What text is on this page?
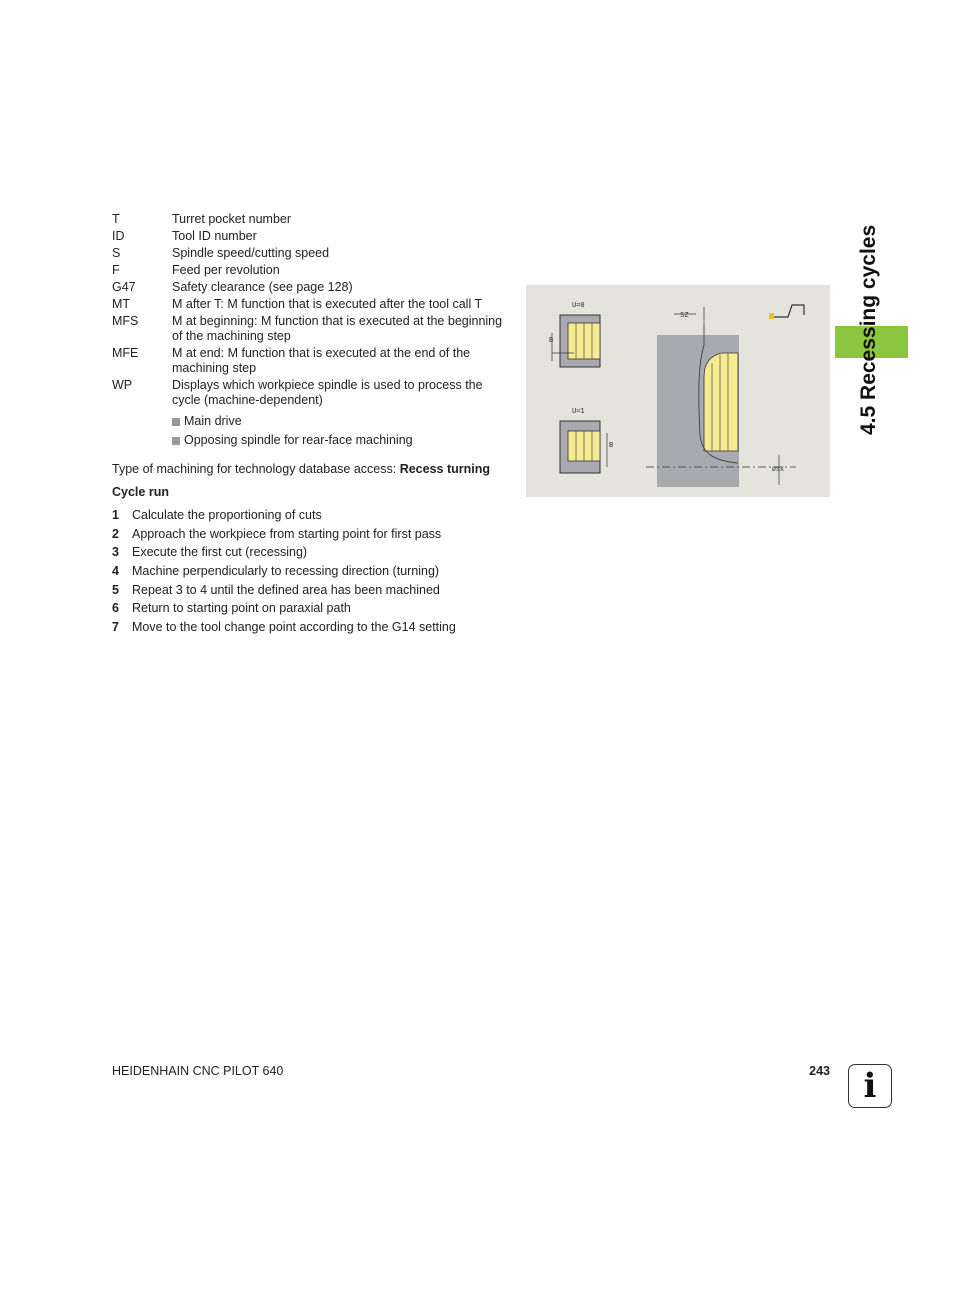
T	Turret pocket number
ID	Tool ID number
S	Spindle speed/cutting speed
F	Feed per revolution
G47	Safety clearance (see page 128)
MT	M after T: M function that is executed after the tool call T
MFS	M at beginning: M function that is executed at the beginning of the machining step
MFE	M at end: M function that is executed at the end of the machining step
WP	Displays which workpiece spindle is used to process the cycle (machine-dependent)
Main drive
Opposing spindle for rear-face machining
Type of machining for technology database access: Recess turning
Cycle run
1	Calculate the proportioning of cuts
2	Approach the workpiece from starting point for first pass
3	Execute the first cut (recessing)
4	Machine perpendicularly to recessing direction (turning)
5	Repeat 3 to 4 until the defined area has been machined
6	Return to starting point on paraxial path
7	Move to the tool change point according to the G14 setting
U=0
B
U=1
B
SZ
ØSX
4.5 Recessing cycles
HEIDENHAIN CNC PILOT 640	243 i
